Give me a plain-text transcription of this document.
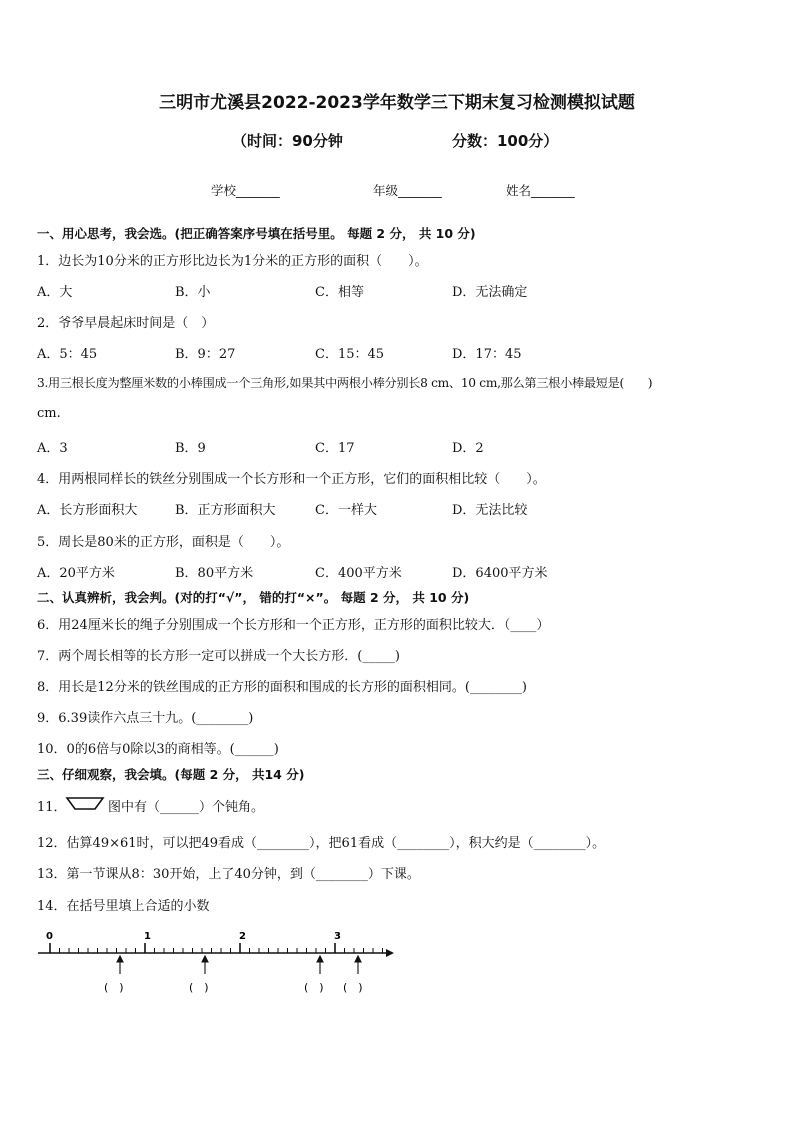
三明市尤溪县2022-2023学年数学三下期末复习检测模拟试题
（时间：90分钟	分数：100分）
学校_______	年级_______	姓名_______
一、用心思考，我会选。(把正确答案序号填在括号里。 每题 2 分， 共 10 分)
1．边长为10分米的正方形比边长为1分米的正方形的面积（　　）。
A．大	B．小	C．相等	D．无法确定
2．爷爷早晨起床时间是（　）
A．5：45	B．9：27	C．15：45	D．17：45
3.用三根长度为整厘米数的小棒围成一个三角形,如果其中两根小棒分别长8 cm、10 cm,那么第三根小棒最短是(　　)
cm.
A．3	B．9	C．17	D．2
4．用两根同样长的铁丝分别围成一个长方形和一个正方形，它们的面积相比较（　　）。
A．长方形面积大	B．正方形面积大	C．一样大	D．无法比较
5．周长是80米的正方形，面积是（　　）。
A．20平方米	B．80平方米	C．400平方米	D．6400平方米
二、认真辨析，我会判。(对的打“√”， 错的打“×”。 每题 2 分， 共 10 分)
6．用24厘米长的绳子分别围成一个长方形和一个正方形，正方形的面积比较大．（____）
7．两个周长相等的长方形一定可以拼成一个大长方形．(_____)
8．用长是12分米的铁丝围成的正方形的面积和围成的长方形的面积相同。(________)
9．6.39读作六点三十九。(________)
10．0的6倍与0除以3的商相等。(______)
三、仔细观察，我会填。(每题 2 分， 共14 分)
11．	图中有（______）个钝角。
12．估算49×61时，可以把49看成（________），把61看成（________），积大约是（________）。
13．第一节课从8：30开始，上了40分钟，到（________）下课。
14．在括号里填上合适的小数
0	1	2	3
(　)	(　)	(　) (　)
